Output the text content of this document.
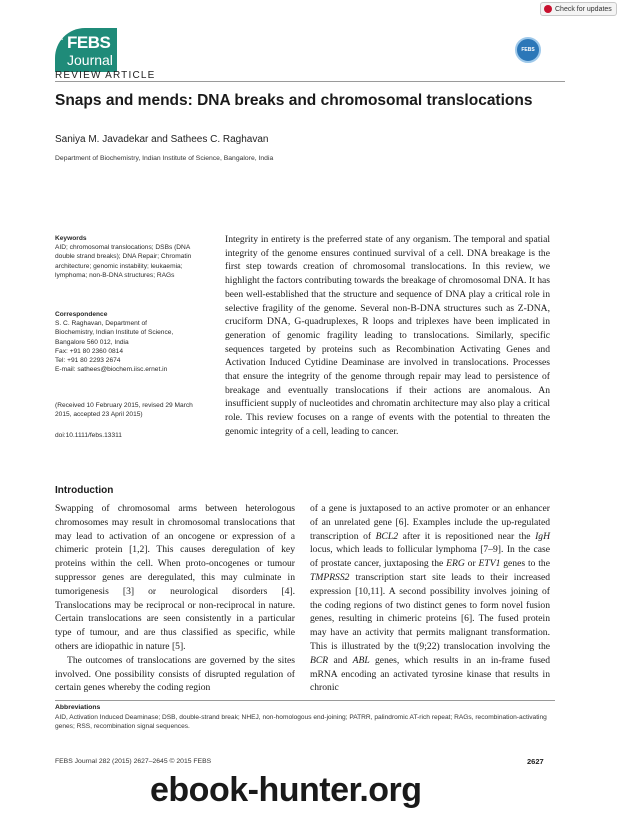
Check for updates
the FEBS
Journal
FEBS
REVIEW ARTICLE
Snaps and mends: DNA breaks and chromosomal translocations
Saniya M. Javadekar and Sathees C. Raghavan
Department of Biochemistry, Indian Institute of Science, Bangalore, India
Keywords
AID; chromosomal translocations; DSBs (DNA double strand breaks); DNA Repair; Chromatin architecture; genomic instability; leukaemia; lymphoma; non-B-DNA structures; RAGs
Correspondence
S. C. Raghavan, Department of
Biochemistry, Indian Institute of Science,
Bangalore 560 012, India
Fax: +91 80 2360 0814
Tel: +91 80 2293 2674
E-mail: sathees@biochem.iisc.ernet.in
(Received 10 February 2015, revised 29 March 2015, accepted 23 April 2015)
doi:10.1111/febs.13311
Integrity in entirety is the preferred state of any organism. The temporal and spatial integrity of the genome ensures continued survival of a cell. DNA breakage is the first step towards creation of chromosomal translocations. In this review, we highlight the factors contributing towards the breakage of chromosomal DNA. It has been well-established that the structure and sequence of DNA play a critical role in selective fragility of the genome. Several non-B-DNA structures such as Z-DNA, cruciform DNA, G-quadruplexes, R loops and triplexes have been implicated in generation of genomic fragility leading to translocations. Similarly, specific sequences targeted by proteins such as Recombination Activating Genes and Activation Induced Cytidine Deaminase are involved in translocations. Processes that ensure the integrity of the genome through repair may lead to persistence of breakage and eventually translocations if their actions are anomalous. An insufficient supply of nucleotides and chromatin architecture may also play a critical role. This review focuses on a range of events with the potential to threaten the genomic integrity of a cell, leading to cancer.
Introduction
Swapping of chromosomal arms between heterologous chromosomes may result in chromosomal translocations that may lead to activation of an oncogene or expression of a chimeric protein [1,2]. This causes deregulation of key proteins within the cell. When proto-oncogenes or tumour suppressor genes are deregulated, this may culminate in tumorigenesis [3] or neurological disorders [4]. Translocations may be reciprocal or non-reciprocal in nature. Certain translocations are seen consistently in a particular type of tumour, and are thus classified as specific, while others are idiopathic in nature [5].
The outcomes of translocations are governed by the sites involved. One possibility consists of disrupted regulation of certain genes whereby the coding region
of a gene is juxtaposed to an active promoter or an enhancer of an unrelated gene [6]. Examples include the up-regulated transcription of BCL2 after it is repositioned near the IgH locus, which leads to follicular lymphoma [7–9]. In the case of prostate cancer, juxtaposing the ERG or ETV1 genes to the TMPRSS2 transcription start site leads to their increased expression [10,11]. A second possibility involves joining of the coding regions of two distinct genes to form novel fusion genes, resulting in chimeric proteins [6]. The fused protein may have an activity that permits malignant transformation. This is illustrated by the t(9;22) translocation involving the BCR and ABL genes, which results in an in-frame fused mRNA encoding an activated tyrosine kinase that results in chronic
Abbreviations
AID, Activation Induced Deaminase; DSB, double-strand break; NHEJ, non-homologous end-joining; PATRR, palindromic AT-rich repeat; RAGs, recombination-activating genes; RSS, recombination signal sequences.
FEBS Journal 282 (2015) 2627–2645 © 2015 FEBS	2627
ebook-hunter.org
